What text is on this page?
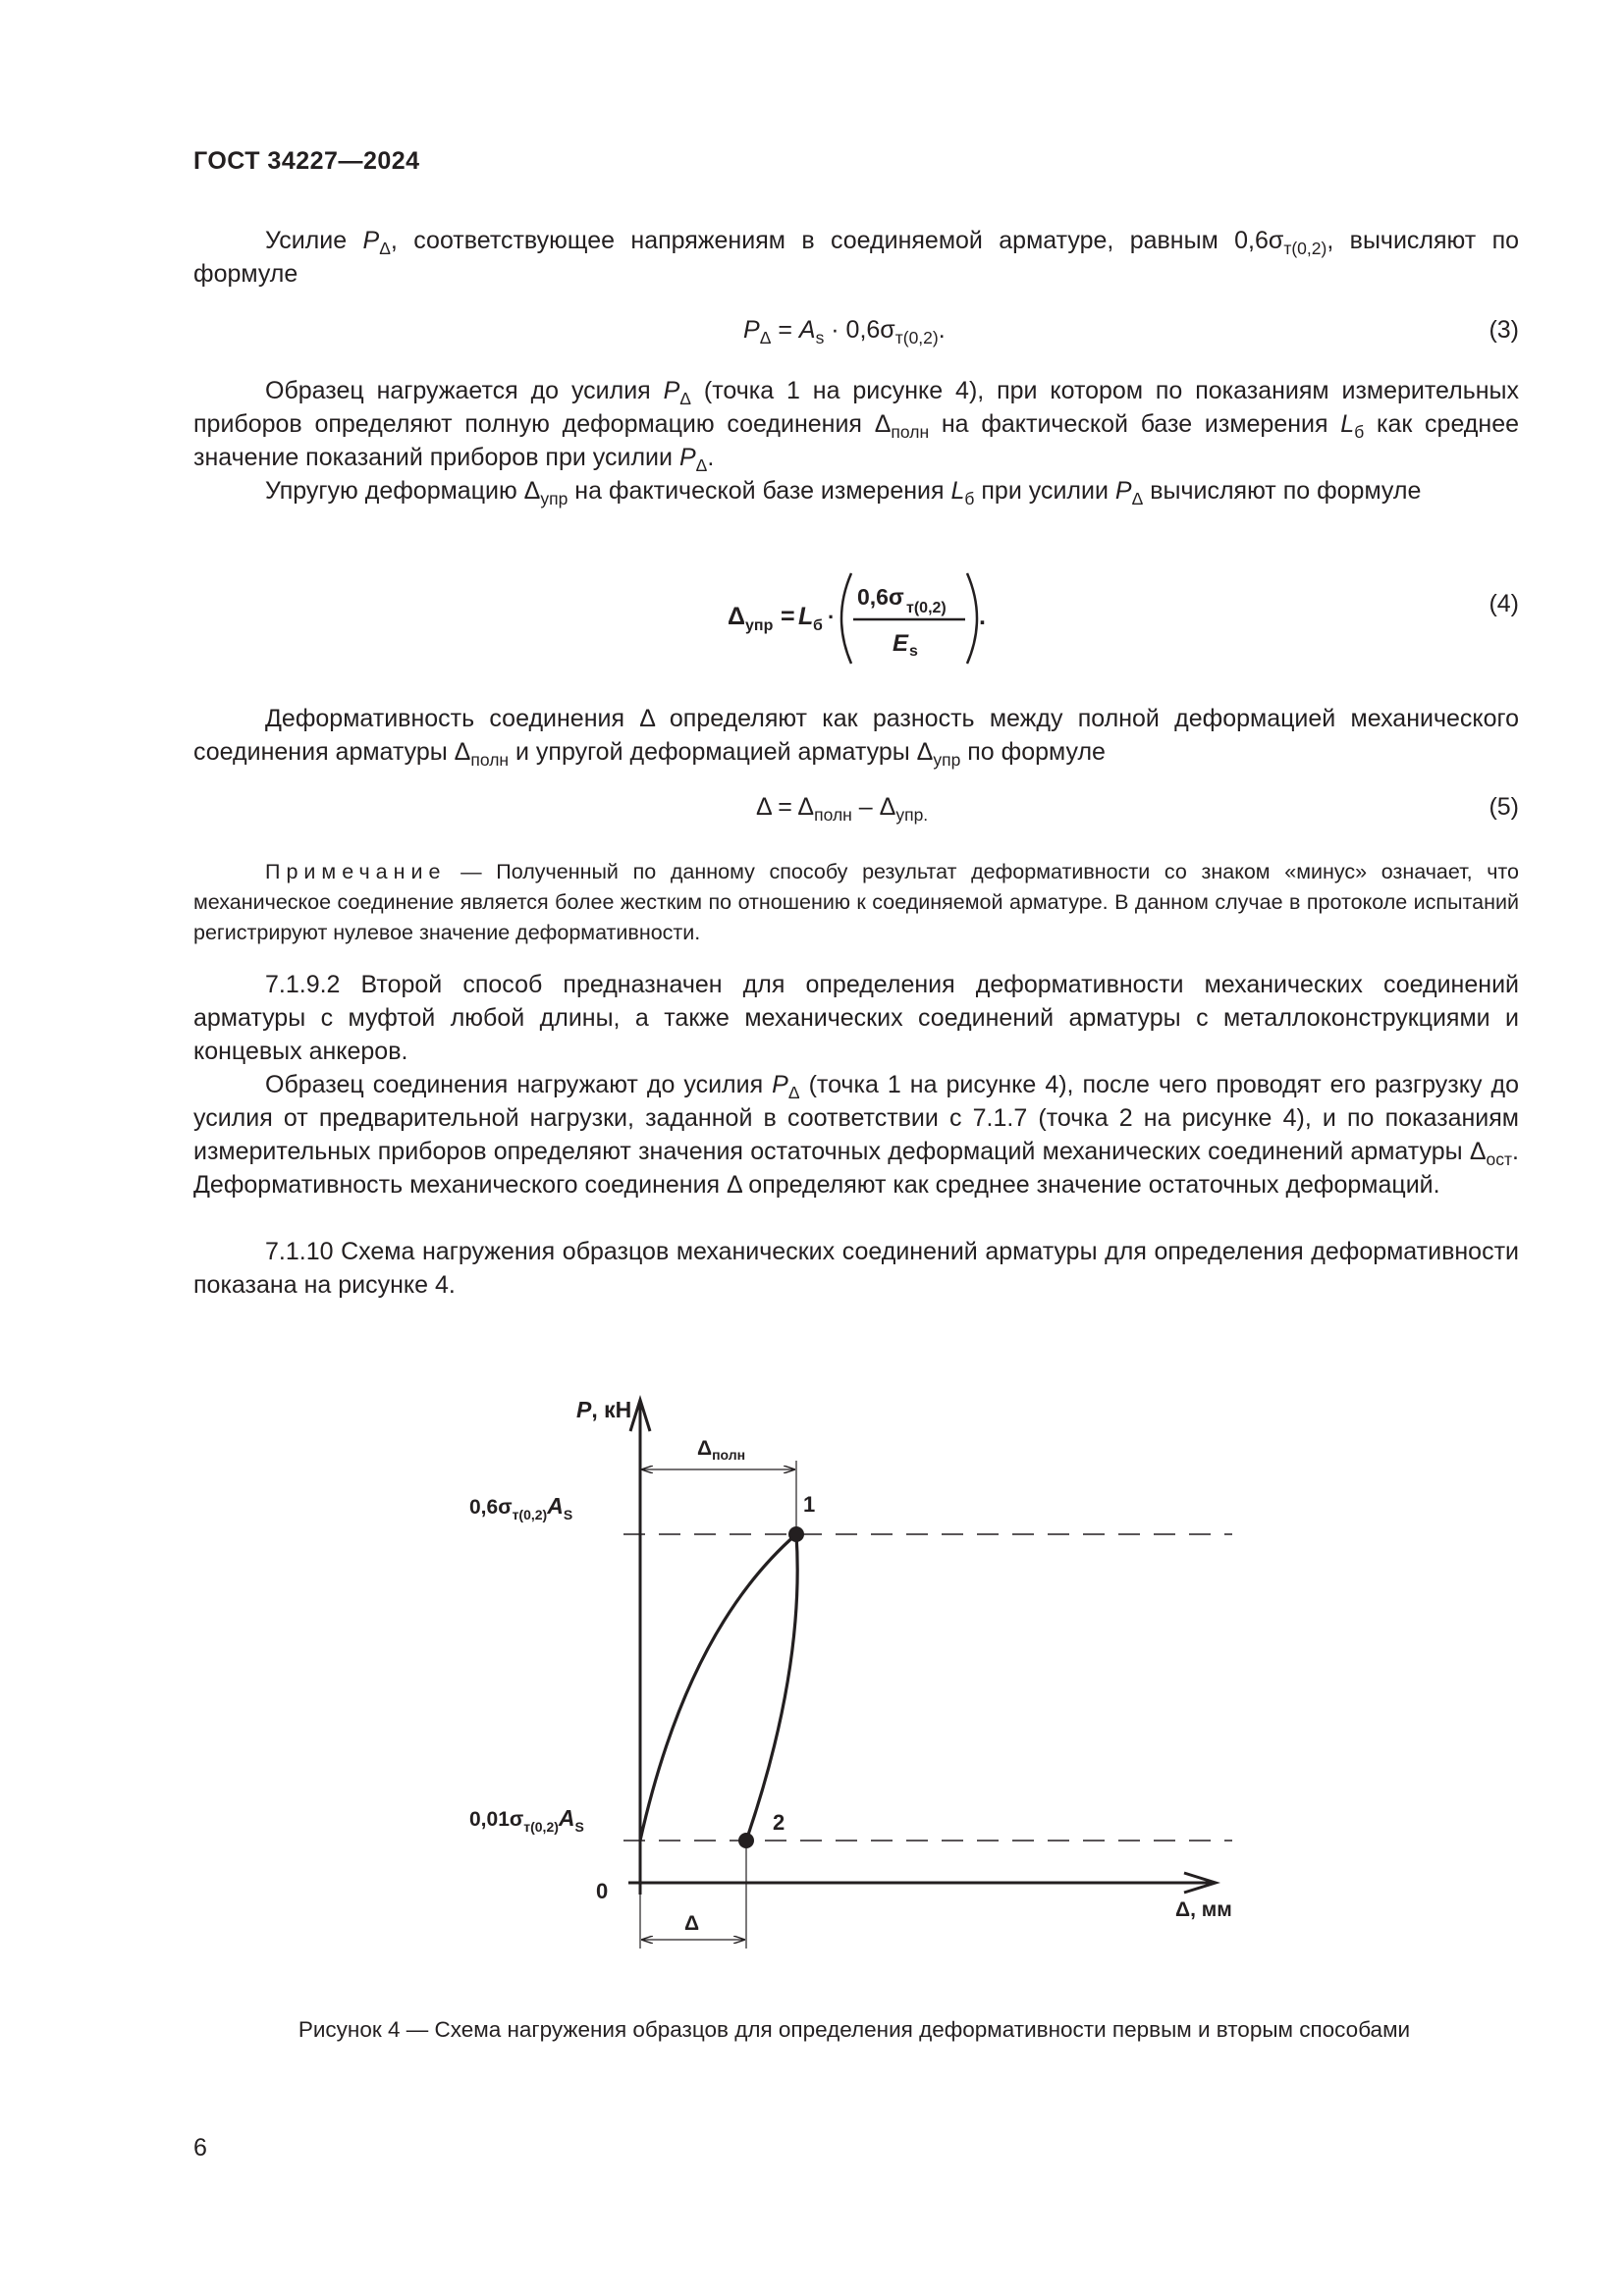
ГОСТ 34227—2024
Усилие $P_\Delta$, соответствующее напряжениям в соединяемой арматуре, равным $0,6\sigma_{т(0,2)}$, вычисляют по формуле
$P_\Delta = A_s \cdot 0,6\sigma_{т(0,2)}$.	(3)
Образец нагружается до усилия $P_\Delta$ (точка 1 на рисунке 4), при котором по показаниям измерительных приборов определяют полную деформацию соединения $\Delta_{полн}$ на фактической базе измерения $L_б$ как среднее значение показаний приборов при усилии $P_\Delta$.
Упругую деформацию $\Delta_{упр}$ на фактической базе измерения $L_б$ при усилии $P_\Delta$ вычисляют по формуле
Δ упр = L б ·
0,6σ т(0,2)
E s
.	(4)
Деформативность соединения Δ определяют как разность между полной деформацией механического соединения арматуры $\Delta_{полн}$ и упругой деформацией арматуры $\Delta_{упр}$ по формуле
$\Delta = \Delta_{полн} - \Delta_{упр.}$	(5)
Примечание — Полученный по данному способу результат деформативности со знаком «минус» означает, что механическое соединение является более жестким по отношению к соединяемой арматуре. В данном случае в протоколе испытаний регистрируют нулевое значение деформативности.
7.1.9.2 Второй способ предназначен для определения деформативности механических соединений арматуры с муфтой любой длины, а также механических соединений арматуры с металлоконструкциями и концевых анкеров.
Образец соединения нагружают до усилия $P_\Delta$ (точка 1 на рисунке 4), после чего проводят его разгрузку до усилия от предварительной нагрузки, заданной в соответствии с 7.1.7 (точка 2 на рисунке 4), и по показаниям измерительных приборов определяют значения остаточных деформаций механических соединений арматуры $\Delta_{ост}$. Деформативность механического соединения Δ определяют как среднее значение остаточных деформаций.
7.1.10 Схема нагружения образцов механических соединений арматуры для определения деформативности показана на рисунке 4.
P, кН
$\Delta_{полн}$
$0,6\sigma_{т(0,2)}A_S$
$0,01\sigma_{т(0,2)}A_S$
1
2
0
Δ, мм
Δ
Рисунок 4 — Схема нагружения образцов для определения деформативности первым и вторым способами
6
